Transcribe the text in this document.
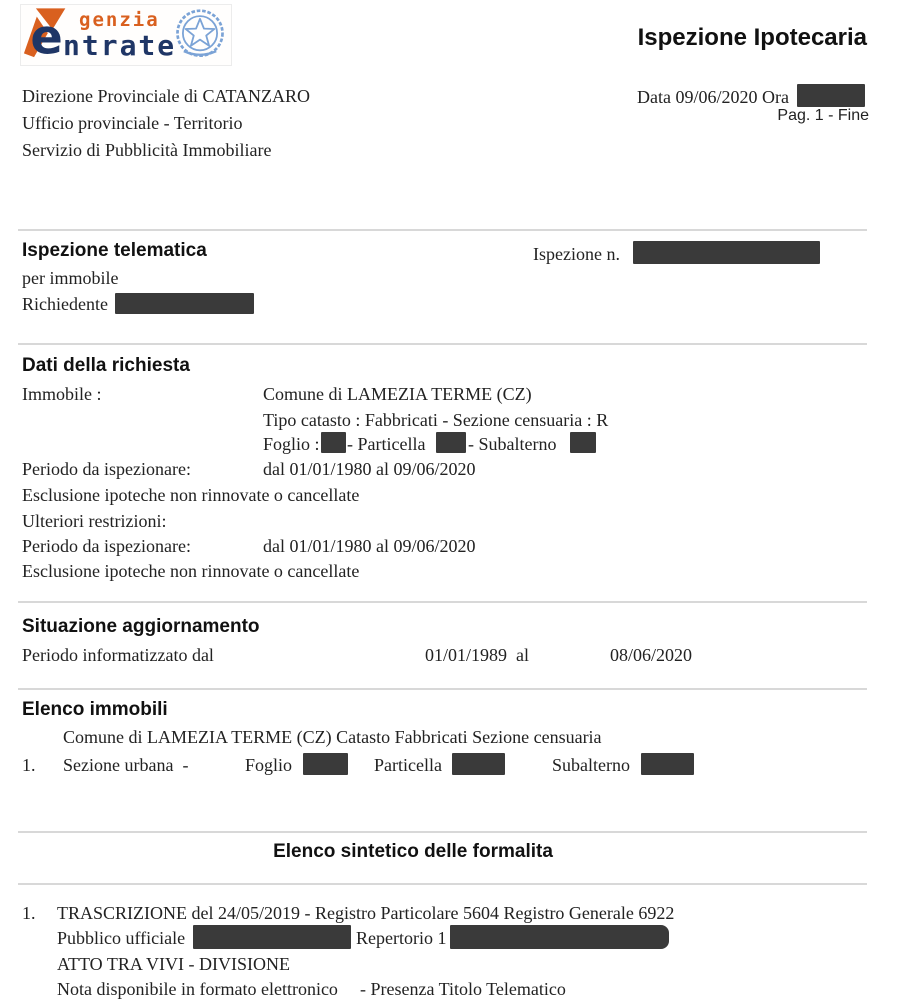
e genzia
ntrate
Direzione Provinciale di CATANZARO
Ufficio provinciale - Territorio
Servizio di Pubblicità Immobiliare
Ispezione Ipotecaria
Data 09/06/2020 Ora
Pag. 1 - Fine
Ispezione telematica	Ispezione n.
per immobile
Richiedente
Dati della richiesta
Immobile :	Comune di LAMEZIA TERME (CZ)
Tipo catasto : Fabbricati - Sezione censuaria : R
Foglio : - Particella - Subalterno
Periodo da ispezionare:	dal 01/01/1980 al 09/06/2020
Esclusione ipoteche non rinnovate o cancellate
Ulteriori restrizioni:
Periodo da ispezionare:	dal 01/01/1980 al 09/06/2020
Esclusione ipoteche non rinnovate o cancellate
Situazione aggiornamento
Periodo informatizzato dal	01/01/1989  al	08/06/2020
Elenco immobili
Comune di LAMEZIA TERME (CZ) Catasto Fabbricati Sezione censuaria
1. Sezione urbana  -	Foglio	Particella	Subalterno
Elenco sintetico delle formalita
1. TRASCRIZIONE del 24/05/2019 - Registro Particolare 5604 Registro Generale 6922
Pubblico ufficiale	Repertorio 1
ATTO TRA VIVI - DIVISIONE
Nota disponibile in formato elettronico - Presenza Titolo Telematico
